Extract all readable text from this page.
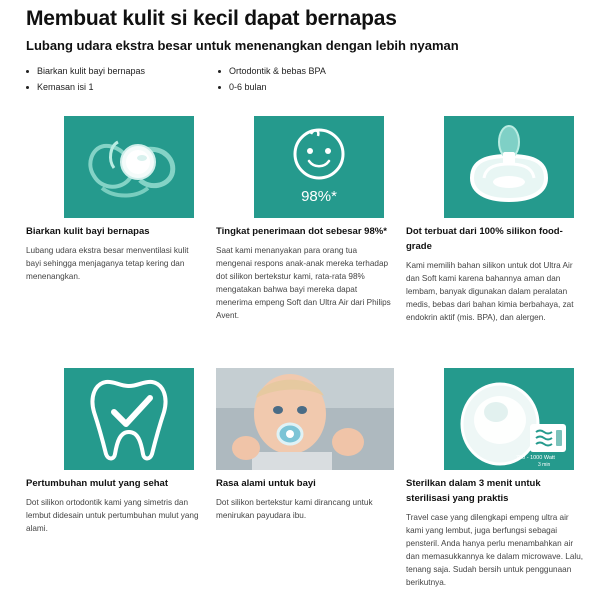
Membuat kulit si kecil dapat bernapas
Lubang udara ekstra besar untuk menenangkan dengan lebih nyaman
Biarkan kulit bayi bernapas	Ortodontik & bebas BPA
Kemasan isi 1	0-6 bulan
Biarkan kulit bayi bernapas
Lubang udara ekstra besar menventilasi kulit bayi sehingga menjaganya tetap kering dan menenangkan.
98%*
Tingkat penerimaan dot sebesar 98%*
Saat kami menanyakan para orang tua mengenai respons anak-anak mereka terhadap dot silikon bertekstur kami, rata-rata 98% mengatakan bahwa bayi mereka dapat menerima empeng Soft dan Ultra Air dari Philips Avent.
Dot terbuat dari 100% silikon food-grade
Kami memilih bahan silikon untuk dot Ultra Air dan Soft kami karena bahannya aman dan lembam, banyak digunakan dalam peralatan medis, bebas dari bahan kimia berbahaya, zat endokrin aktif (mis. BPA), dan alergen.
Pertumbuhan mulut yang sehat
Dot silikon ortodontik kami yang simetris dan lembut didesain untuk pertumbuhan mulut yang alami.
Rasa alami untuk bayi
Dot silikon bertekstur kami dirancang untuk menirukan payudara ibu.
750 - 1000 Watt
3 min
Sterilkan dalam 3 menit untuk sterilisasi yang praktis
Travel case yang dilengkapi empeng ultra air kami yang lembut, juga berfungsi sebagai pensteril. Anda hanya perlu menambahkan air dan memasukkannya ke dalam microwave. Lalu, tenang saja. Sudah bersih untuk penggunaan berikutnya.
